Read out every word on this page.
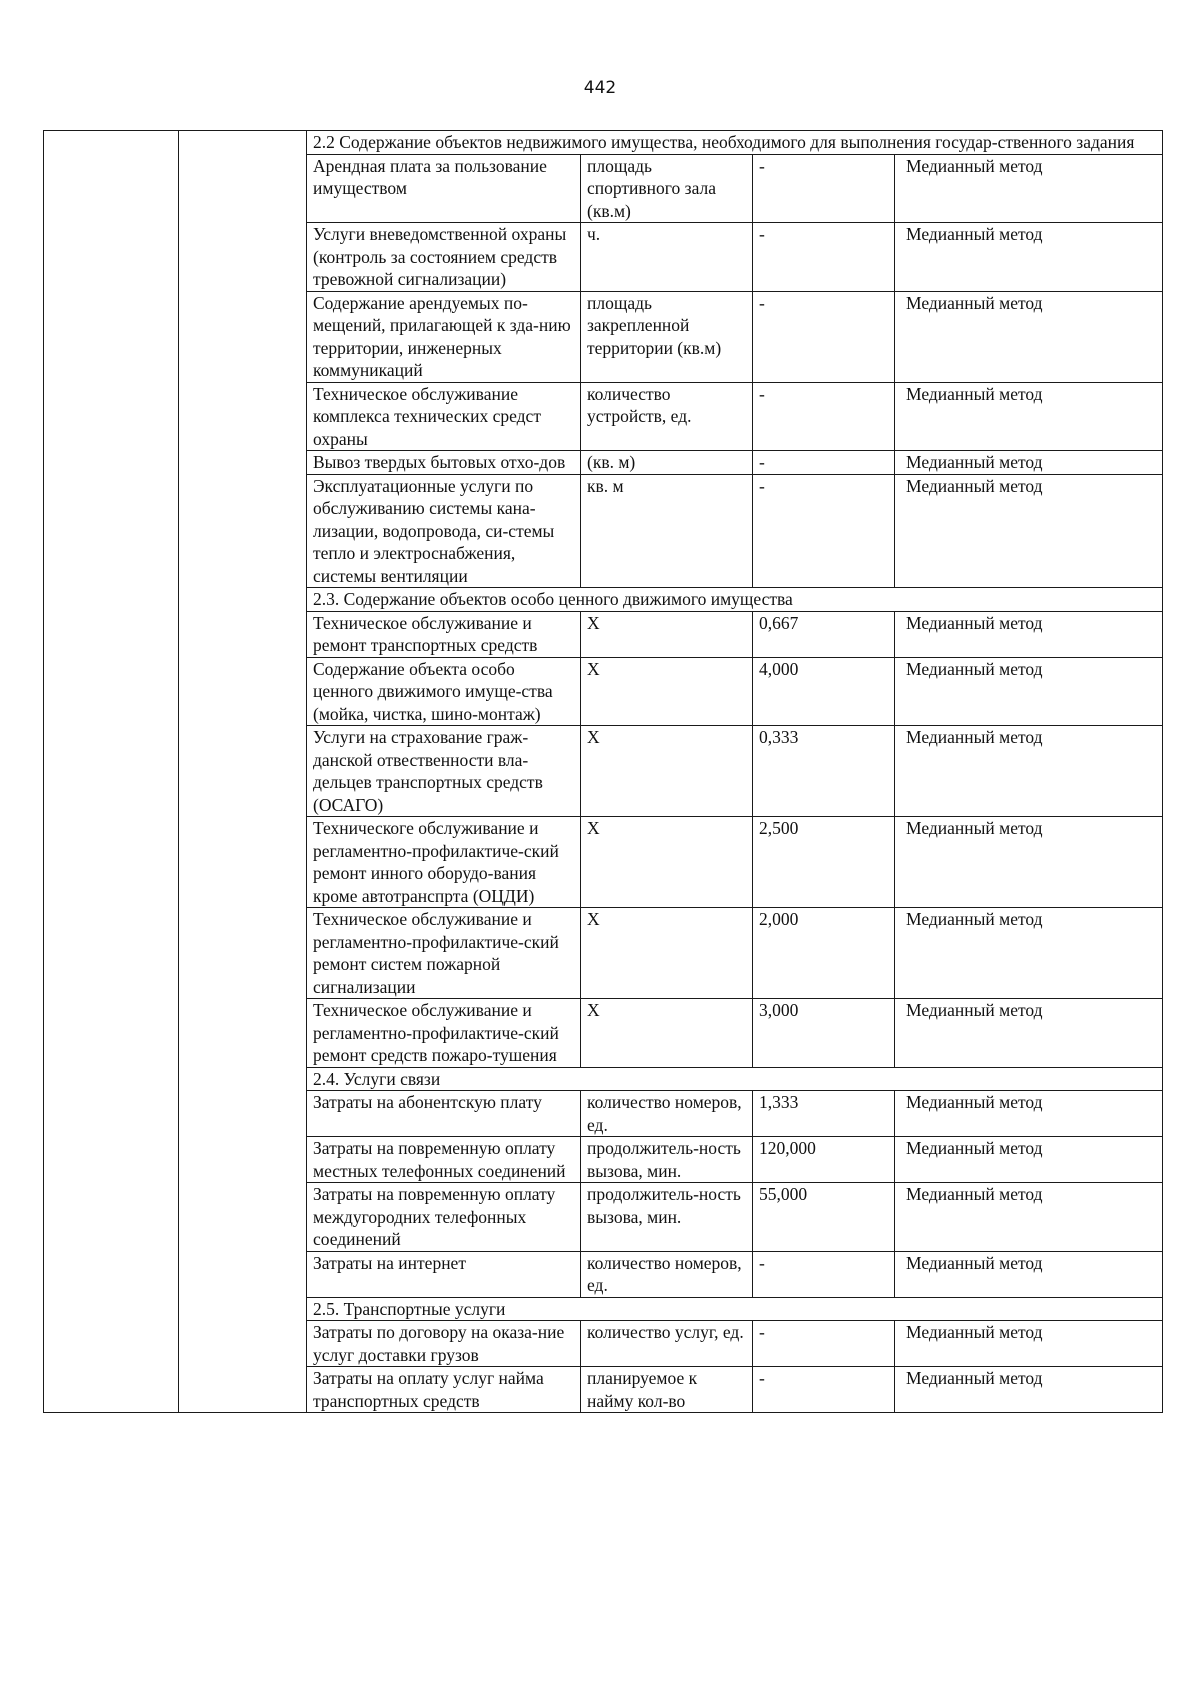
442
		2.2 Содержание объектов недвижимого имущества, необходимого для выполнения государ-ственного задания			
		Арендная плата за пользование имуществом	площадь спортивного зала (кв.м)	-	Медианный метод
		Услуги вневедомственной охраны (контроль за состоянием средств тревожной сигнализации)	ч.	-	Медианный метод
		Содержание арендуемых по-мещений, прилагающей к зда-нию территории, инженерных коммуникаций	площадь закрепленной территории (кв.м)	-	Медианный метод
		Техническое обслуживание комплекса технических средст охраны	количество устройств, ед.	-	Медианный метод
		Вывоз твердых бытовых отхо-дов	(кв. м)	-	Медианный метод
		Эксплуатационные услуги по обслуживанию системы кана-лизации, водопровода, си-стемы тепло и электроснабжения, системы вентиляции	кв. м	-	Медианный метод
		2.3. Содержание объектов особо ценного движимого имущества			
		Техническое обслуживание и ремонт транспортных средств	Х	0,667	Медианный метод
		Содержание объекта особо ценного движимого имуще-ства (мойка, чистка, шино-монтаж)	Х	4,000	Медианный метод
		Услуги на страхование граж-данской отвественности вла-дельцев транспортных средств (ОСАГО)	Х	0,333	Медианный метод
		Техническоге обслуживание и регламентно-профилактиче-ский ремонт инного оборудо-вания кроме автотранспрта (ОЦДИ)	Х	2,500	Медианный метод
		Техническое обслуживание и регламентно-профилактиче-ский ремонт систем пожарной сигнализации	Х	2,000	Медианный метод
		Техническое обслуживание и регламентно-профилактиче-ский ремонт средств пожаро-тушения	Х	3,000	Медианный метод
		2.4. Услуги связи			
		Затраты на абонентскую плату	количество номеров, ед.	1,333	Медианный метод
		Затраты на повременную оплату местных телефонных соединений	продолжитель-ность вызова, мин.	120,000	Медианный метод
		Затраты на повременную оплату междугородних телефонных соединений	продолжитель-ность вызова, мин.	55,000	Медианный метод
		Затраты на интернет	количество номеров, ед.	-	Медианный метод
		2.5. Транспортные услуги			
		Затраты по договору на оказа-ние услуг доставки грузов	количество услуг, ед.	-	Медианный метод
		Затраты на оплату услуг найма транспортных средств	планируемое к найму кол-во	-	Медианный метод
